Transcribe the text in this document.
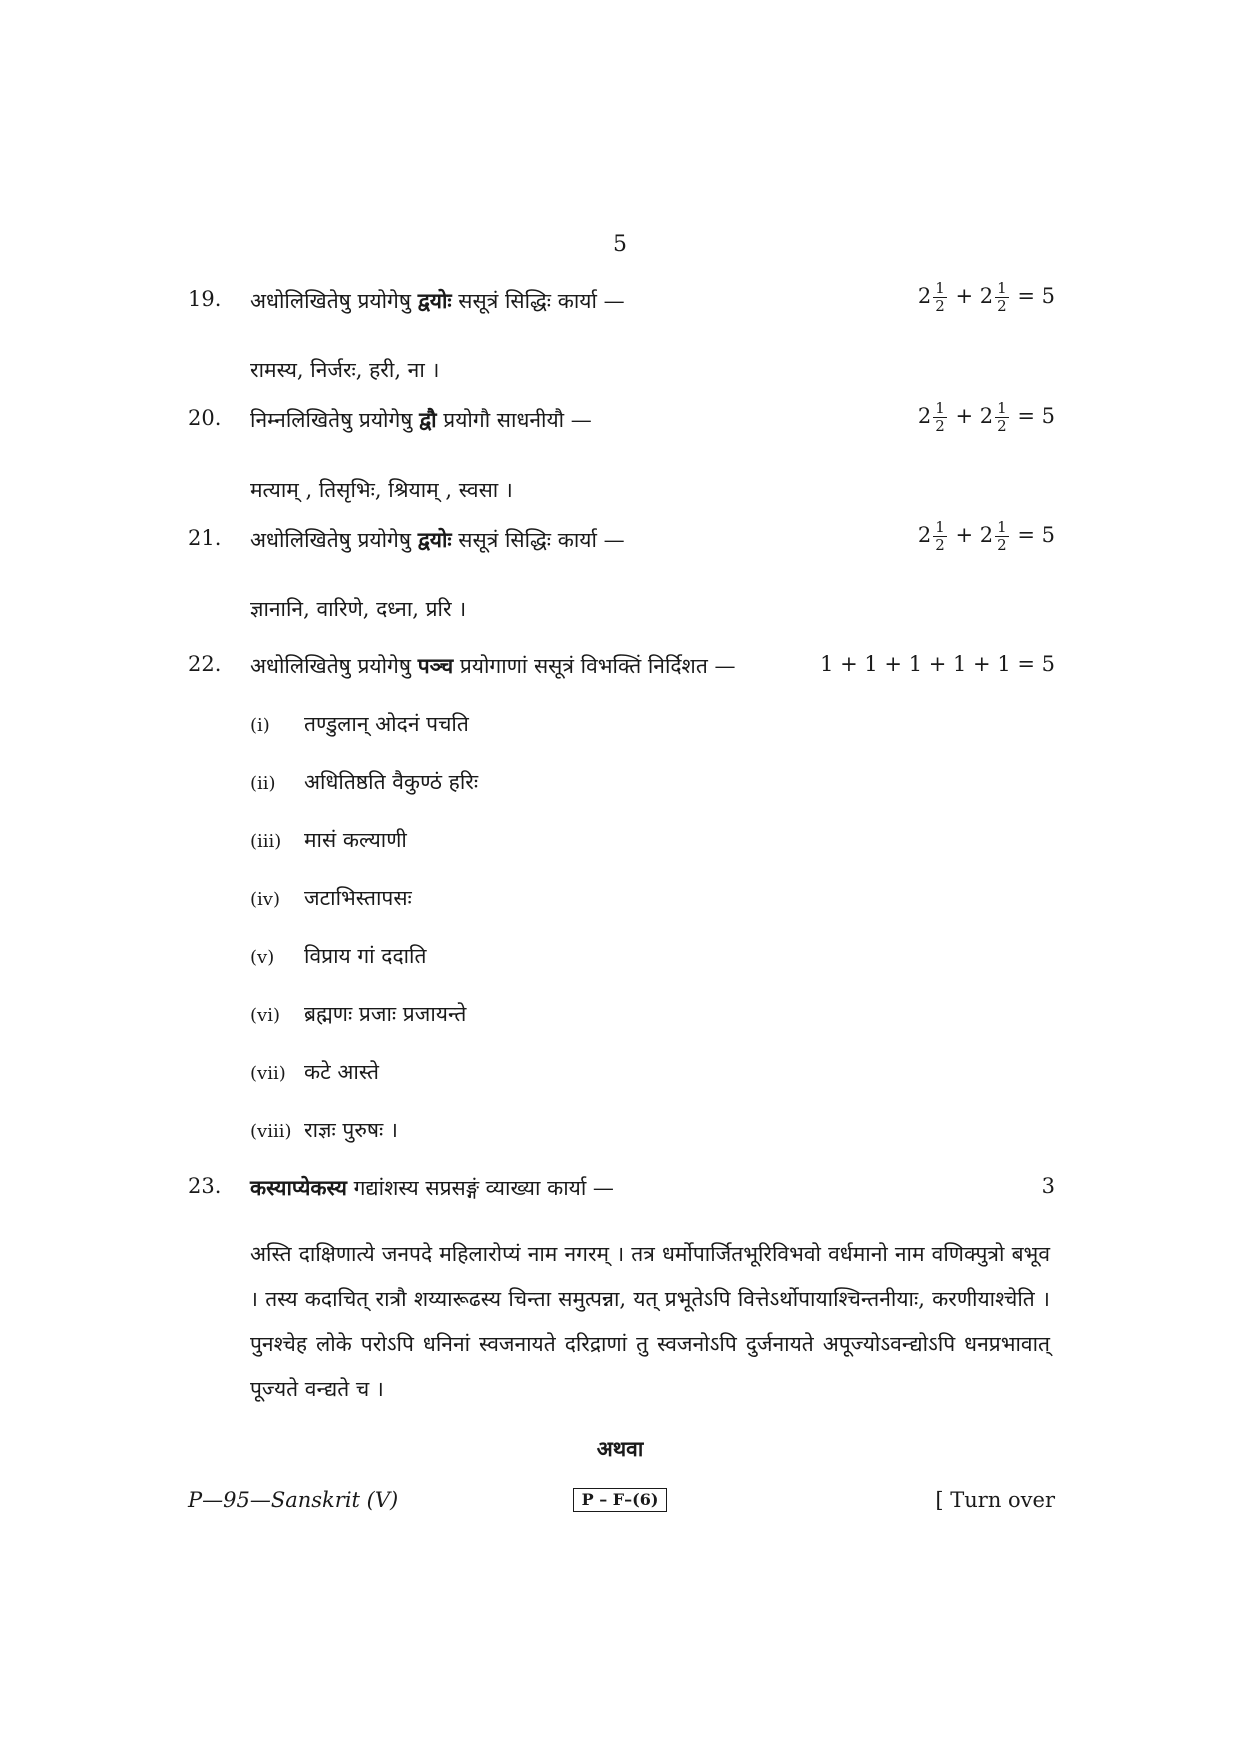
5
19. अधोलिखितेषु प्रयोगेषु द्वयोः ससूत्रं सिद्धिः कार्या —	$2 \frac{1}{2} + 2 \frac{1}{2} = 5$
रामस्य, निर्जरः, हरी, ना ।
20. निम्नलिखितेषु प्रयोगेषु द्वौ प्रयोगौ साधनीयौ —	$2 \frac{1}{2} + 2 \frac{1}{2} = 5$
मत्याम् , तिसृभिः, श्रियाम् , स्वसा ।
21. अधोलिखितेषु प्रयोगेषु द्वयोः ससूत्रं सिद्धिः कार्या —	$2 \frac{1}{2} + 2 \frac{1}{2} = 5$
ज्ञानानि, वारिणे, दध्ना, प्ररि ।
22. अधोलिखितेषु प्रयोगेषु पञ्च प्रयोगाणां ससूत्रं विभक्तिं निर्दिशत —	1 + 1 + 1 + 1 + 1 = 5
(i) तण्डुलान् ओदनं पचति
(ii) अधितिष्ठति वैकुण्ठं हरिः
(iii) मासं कल्याणी
(iv) जटाभिस्तापसः
(v) विप्राय गां ददाति
(vi) ब्रह्मणः प्रजाः प्रजायन्ते
(vii) कटे आस्ते
(viii) राज्ञः पुरुषः ।
23. कस्याप्येकस्य गद्यांशस्य सप्रसङ्गं व्याख्या कार्या —	3
अस्ति दाक्षिणात्ये जनपदे महिलारोप्यं नाम नगरम् । तत्र धर्मोपार्जितभूरिविभवो वर्धमानो नाम वणिक्पुत्रो बभूव । तस्य कदाचित् रात्रौ शय्यारूढस्य चिन्ता समुत्पन्ना, यत् प्रभूतेऽपि वित्तेऽर्थोपायाश्चिन्तनीयाः, करणीयाश्चेति । पुनश्चेह लोके परोऽपि धनिनां स्वजनायते दरिद्राणां तु स्वजनोऽपि दुर्जनायते अपूज्योऽवन्द्योऽपि धनप्रभावात् पूज्यते वन्द्यते च ।
अथवा
P—95—Sanskrit (V)	P – F–(6)	[ Turn over
